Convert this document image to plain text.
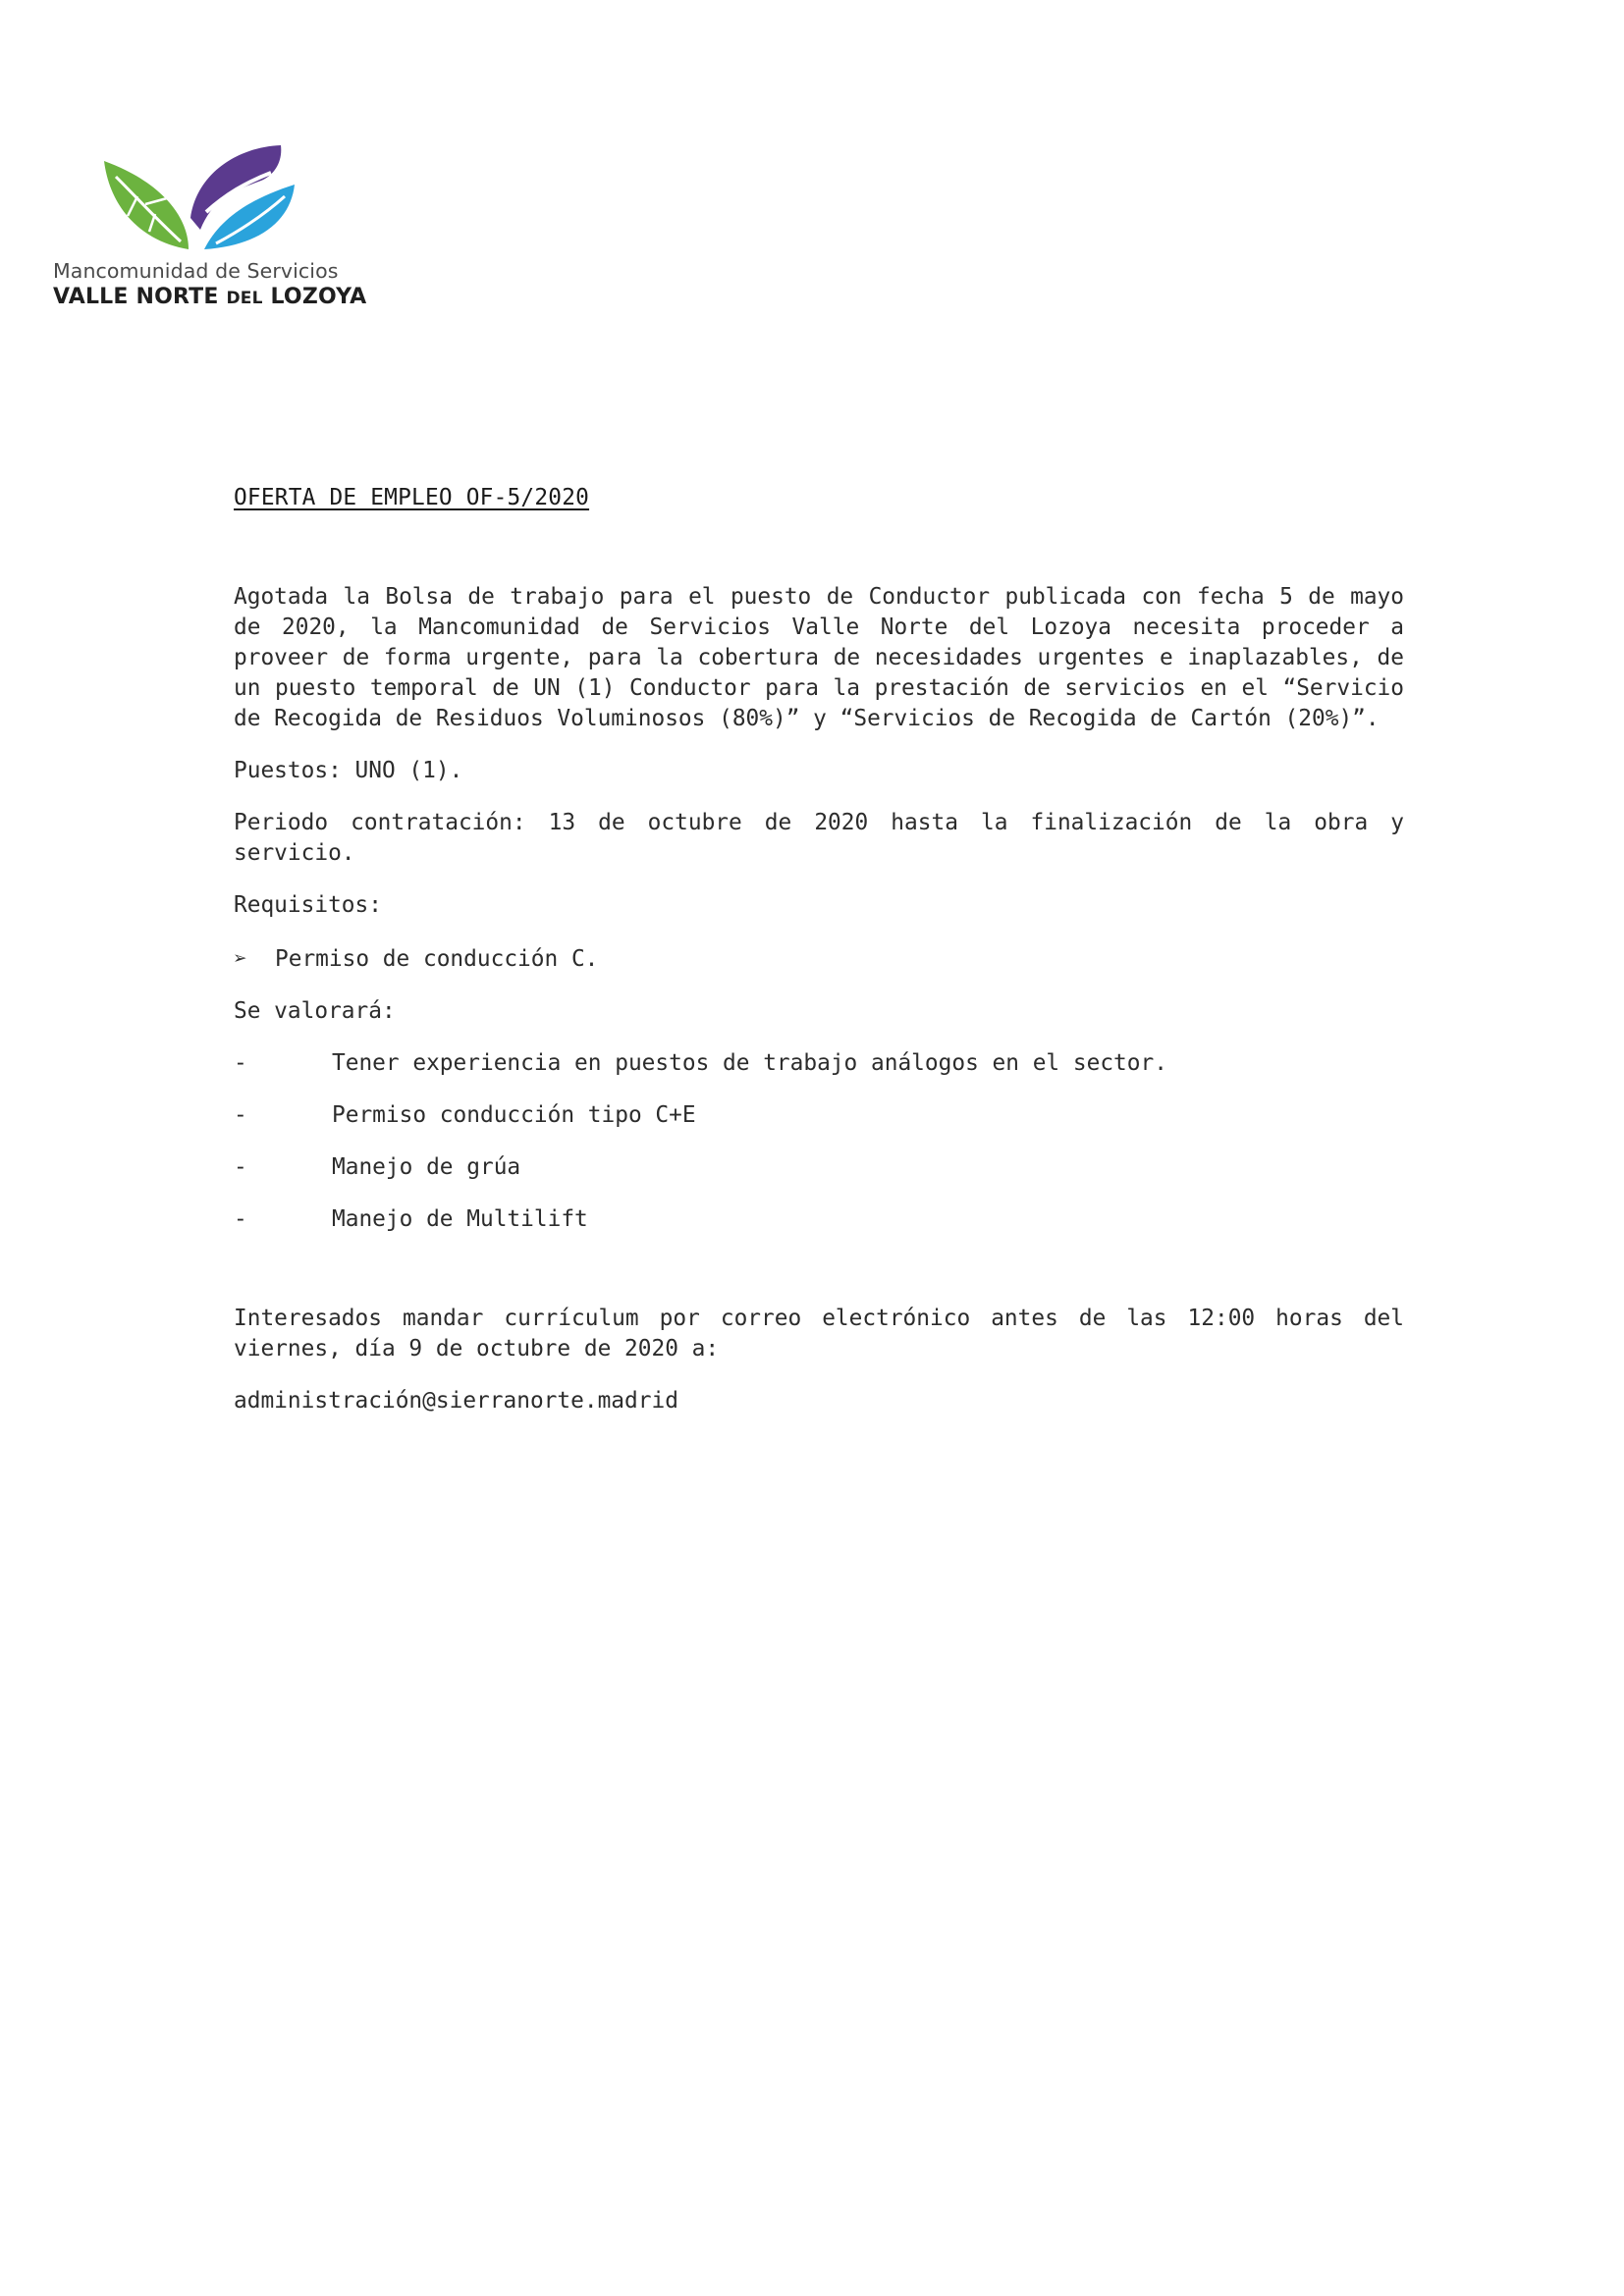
Mancomunidad de Servicios
VALLE NORTE DEL LOZOYA
OFERTA DE EMPLEO OF-5/2020

Agotada la Bolsa de trabajo para el puesto de Conductor publicada con fecha 5 de mayo de 2020, la Mancomunidad de Servicios Valle Norte del Lozoya necesita proceder a proveer de forma urgente, para la cobertura de necesidades urgentes e inaplazables, de un puesto temporal de UN (1) Conductor para la prestación de servicios en el “Servicio de Recogida de Residuos Voluminosos (80%)” y “Servicios de Recogida de Cartón (20%)”.

Puestos: UNO (1).

Periodo contratación: 13 de octubre de 2020 hasta la finalización de la obra y servicio.

Requisitos:

➢	Permiso de conducción C.

Se valorará:

-	Tener experiencia en puestos de trabajo análogos en el sector.
-	Permiso conducción tipo C+E
-	Manejo de grúa
-	Manejo de Multilift

Interesados mandar currículum por correo electrónico antes de las 12:00 horas del viernes, día 9 de octubre de 2020 a:

administración@sierranorte.madrid
